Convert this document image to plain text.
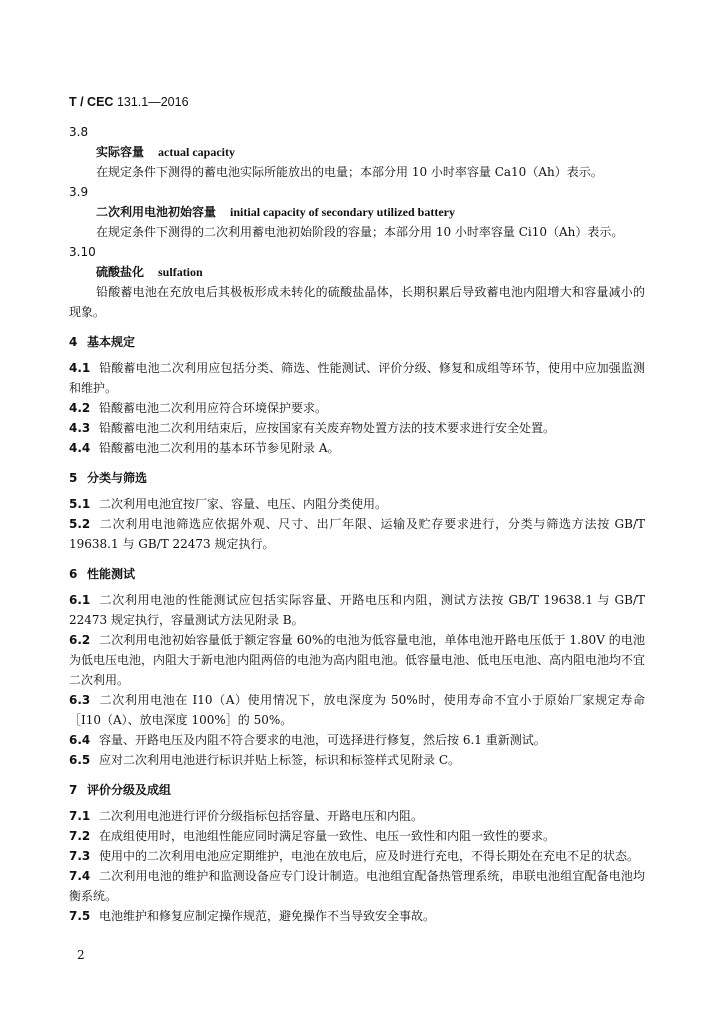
T / CEC 131.1—2016

3.8

实际容量 actual capacity

在规定条件下测得的蓄电池实际所能放出的电量；本部分用 10 小时率容量 Ca10（Ah）表示。

3.9

二次利用电池初始容量 initial capacity of secondary utilized battery

在规定条件下测得的二次利用蓄电池初始阶段的容量；本部分用 10 小时率容量 Ci10（Ah）表示。

3.10

硫酸盐化 sulfation

铅酸蓄电池在充放电后其极板形成未转化的硫酸盐晶体，长期积累后导致蓄电池内阻增大和容量减小的现象。

4 基本规定

4.1 铅酸蓄电池二次利用应包括分类、筛选、性能测试、评价分级、修复和成组等环节，使用中应加强监测和维护。

4.2 铅酸蓄电池二次利用应符合环境保护要求。

4.3 铅酸蓄电池二次利用结束后，应按国家有关废弃物处置方法的技术要求进行安全处置。

4.4 铅酸蓄电池二次利用的基本环节参见附录 A。

5 分类与筛选

5.1 二次利用电池宜按厂家、容量、电压、内阻分类使用。

5.2 二次利用电池筛选应依据外观、尺寸、出厂年限、运输及贮存要求进行，分类与筛选方法按 GB/T 19638.1 与 GB/T 22473 规定执行。

6 性能测试

6.1 二次利用电池的性能测试应包括实际容量、开路电压和内阻，测试方法按 GB/T 19638.1 与 GB/T 22473 规定执行，容量测试方法见附录 B。

6.2 二次利用电池初始容量低于额定容量 60%的电池为低容量电池，单体电池开路电压低于 1.80V 的电池为低电压电池，内阻大于新电池内阻两倍的电池为高内阻电池。低容量电池、低电压电池、高内阻电池均不宜二次利用。

6.3 二次利用电池在 I10（A）使用情况下，放电深度为 50%时，使用寿命不宜小于原始厂家规定寿命［I10（A）、放电深度 100%］的 50%。

6.4 容量、开路电压及内阻不符合要求的电池，可选择进行修复，然后按 6.1 重新测试。

6.5 应对二次利用电池进行标识并贴上标签，标识和标签样式见附录 C。

7 评价分级及成组

7.1 二次利用电池进行评价分级指标包括容量、开路电压和内阻。

7.2 在成组使用时，电池组性能应同时满足容量一致性、电压一致性和内阻一致性的要求。

7.3 使用中的二次利用电池应定期维护，电池在放电后，应及时进行充电，不得长期处在充电不足的状态。

7.4 二次利用电池的维护和监测设备应专门设计制造。电池组宜配备热管理系统，串联电池组宜配备电池均衡系统。

7.5 电池维护和修复应制定操作规范，避免操作不当导致安全事故。

2
